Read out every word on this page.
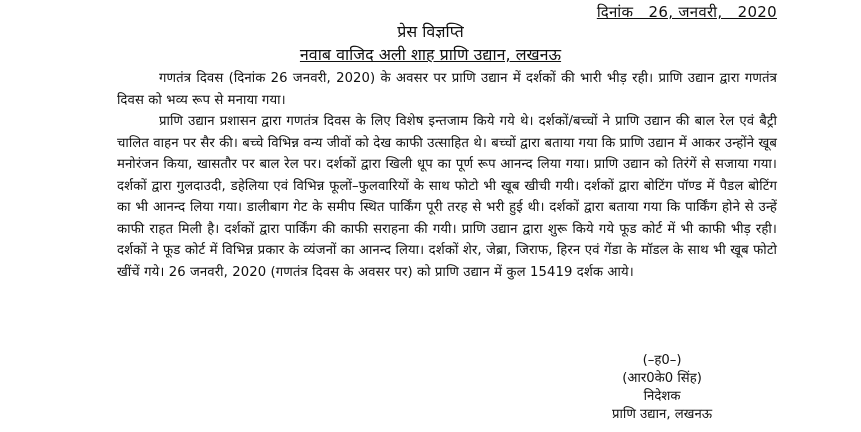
दिनांक   26, जनवरी,   2020
प्रेस विज्ञप्ति
नवाब वाजिद अली शाह प्राणि उद्यान, लखनऊ

गणतंत्र दिवस (दिनांक 26 जनवरी, 2020) के अवसर पर प्राणि उद्यान में दर्शकों की भारी भीड़ रही। प्राणि उद्यान द्वारा गणतंत्र दिवस को भव्य रूप से मनाया गया।

प्राणि उद्यान प्रशासन द्वारा गणतंत्र दिवस के लिए विशेष इन्तजाम किये गये थे। दर्शकों/बच्चों ने प्राणि उद्यान की बाल रेल एवं बैट्री चालित वाहन पर सैर की। बच्चे विभिन्न वन्य जीवों को देख काफी उत्साहित थे। बच्चों द्वारा बताया गया कि प्राणि उद्यान में आकर उन्होंने खूब मनोरंजन किया, खासतौर पर बाल रेल पर। दर्शकों द्वारा खिली धूप का पूर्ण रूप आनन्द लिया गया। प्राणि उद्यान को तिरंगें से सजाया गया। दर्शकों द्वारा गुलदाउदी, डहेलिया एवं विभिन्न फूलों–फुलवारियों के साथ फोटो भी खूब खीची गयी। दर्शकों द्वारा बोटिंग पॉण्ड में पैडल बोटिंग का भी आनन्द लिया गया। डालीबाग गेट के समीप स्थित पार्किंग पूरी तरह से भरी हुई थी। दर्शकों द्वारा बताया गया कि पार्किंग होने से उन्हें काफी राहत मिली है। दर्शकों द्वारा पार्किंग की काफी सराहना की गयी। प्राणि उद्यान द्वारा शुरू किये गये फूड कोर्ट में भी काफी भीड़ रही। दर्शकों ने फूड कोर्ट में विभिन्न प्रकार के व्यंजनों का आनन्द लिया। दर्शकों शेर, जेब्रा, जिराफ, हिरन एवं गेंडा के मॉडल के साथ भी खूब फोटो खींचें गये। 26 जनवरी, 2020 (गणतंत्र दिवस के अवसर पर) को प्राणि उद्यान में कुल 15419 दर्शक आये।

(–ह0–)
(आर0के0 सिंह)
निदेशक
प्राणि उद्यान, लखनऊ
